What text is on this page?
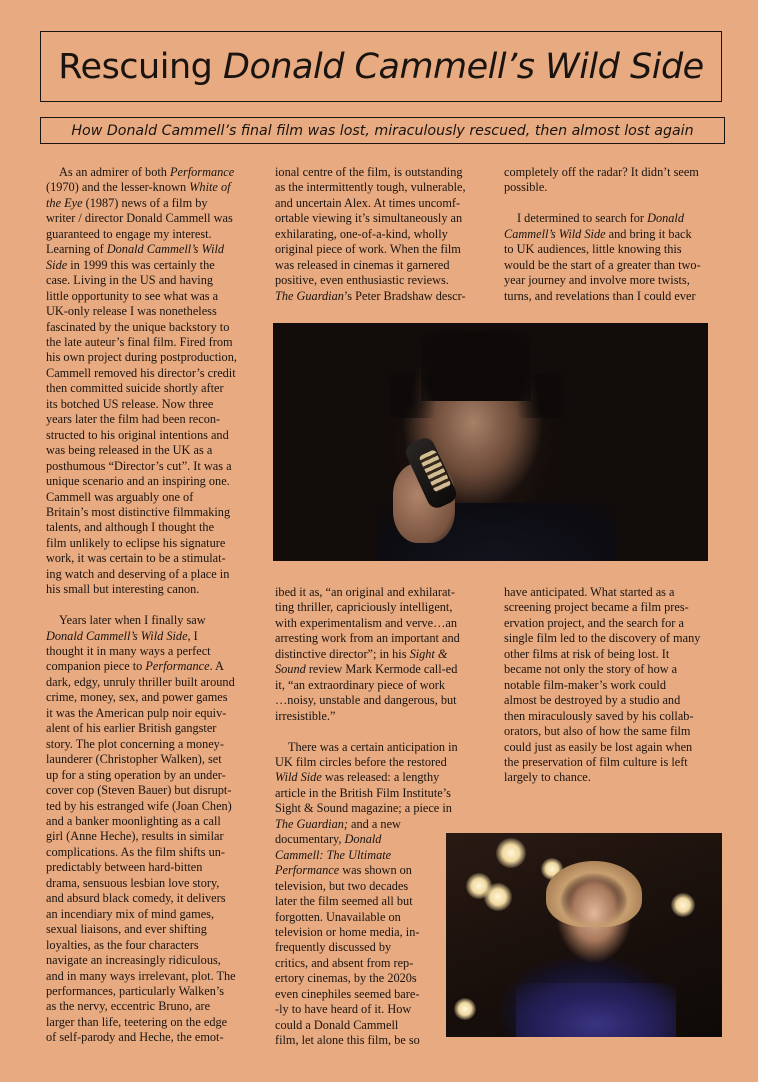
Rescuing Donald Cammell’s Wild Side

How Donald Cammell’s final film was lost, miraculously rescued, then almost lost again

As an admirer of both Performance
(1970) and the lesser-known White of
the Eye (1987) news of a film by
writer / director Donald Cammell was
guaranteed to engage my interest.
Learning of Donald Cammell’s Wild
Side in 1999 this was certainly the
case. Living in the US and having
little opportunity to see what was a
UK-only release I was nonetheless
fascinated by the unique backstory to
the late auteur’s final film. Fired from
his own project during postproduction,
Cammell removed his director’s credit
then committed suicide shortly after
its botched US release. Now three
years later the film had been recon-
structed to his original intentions and
was being released in the UK as a
posthumous “Director’s cut”. It was a
unique scenario and an inspiring one.
Cammell was arguably one of
Britain’s most distinctive filmmaking
talents, and although I thought the
film unlikely to eclipse his signature
work, it was certain to be a stimulat-
ing watch and deserving of a place in
his small but interesting canon.
Years later when I finally saw
Donald Cammell’s Wild Side, I
thought it in many ways a perfect
companion piece to Performance. A
dark, edgy, unruly thriller built around
crime, money, sex, and power games
it was the American pulp noir equiv-
alent of his earlier British gangster
story. The plot concerning a money-
launderer (Christopher Walken), set
up for a sting operation by an under-
cover cop (Steven Bauer) but disrupt-
ted by his estranged wife (Joan Chen)
and a banker moonlighting as a call
girl (Anne Heche), results in similar
complications. As the film shifts un-
predictably between hard-bitten
drama, sensuous lesbian love story,
and absurd black comedy, it delivers
an incendiary mix of mind games,
sexual liaisons, and ever shifting
loyalties, as the four characters
navigate an increasingly ridiculous,
and in many ways irrelevant, plot. The
performances, particularly Walken’s
as the nervy, eccentric Bruno, are
larger than life, teetering on the edge
of self-parody and Heche, the emot-
ional centre of the film, is outstanding
as the intermittently tough, vulnerable,
and uncertain Alex. At times uncomf-
ortable viewing it’s simultaneously an
exhilarating, one-of-a-kind, wholly
original piece of work. When the film
was released in cinemas it garnered
positive, even enthusiastic reviews.
The Guardian’s Peter Bradshaw descr-
ibed it as, “an original and exhilarat-
ting thriller, capriciously intelligent,
with experimentalism and verve…an
arresting work from an important and
distinctive director”; in his Sight &
Sound review Mark Kermode call-ed
it, “an extraordinary piece of work
…noisy, unstable and dangerous, but
irresistible.”
There was a certain anticipation in
UK film circles before the restored
Wild Side was released: a lengthy
article in the British Film Institute’s
Sight & Sound magazine; a piece in
The Guardian; and a new
documentary, Donald
Cammell: The Ultimate
Performance was shown on
television, but two decades
later the film seemed all but
forgotten. Unavailable on
television or home media, in-
frequently discussed by
critics, and absent from rep-
ertory cinemas, by the 2020s
even cinephiles seemed bare-
-ly to have heard of it. How
could a Donald Cammell
film, let alone this film, be so
completely off the radar? It didn’t seem
possible.
I determined to search for Donald
Cammell’s Wild Side and bring it back
to UK audiences, little knowing this
would be the start of a greater than two-
year journey and involve more twists,
turns, and revelations than I could ever
have anticipated. What started as a
screening project became a film pres-
ervation project, and the search for a
single film led to the discovery of many
other films at risk of being lost. It
became not only the story of how a
notable film-maker’s work could
almost be destroyed by a studio and
then miraculously saved by his collab-
orators, but also of how the same film
could just as easily be lost again when
the preservation of film culture is left
largely to chance.
